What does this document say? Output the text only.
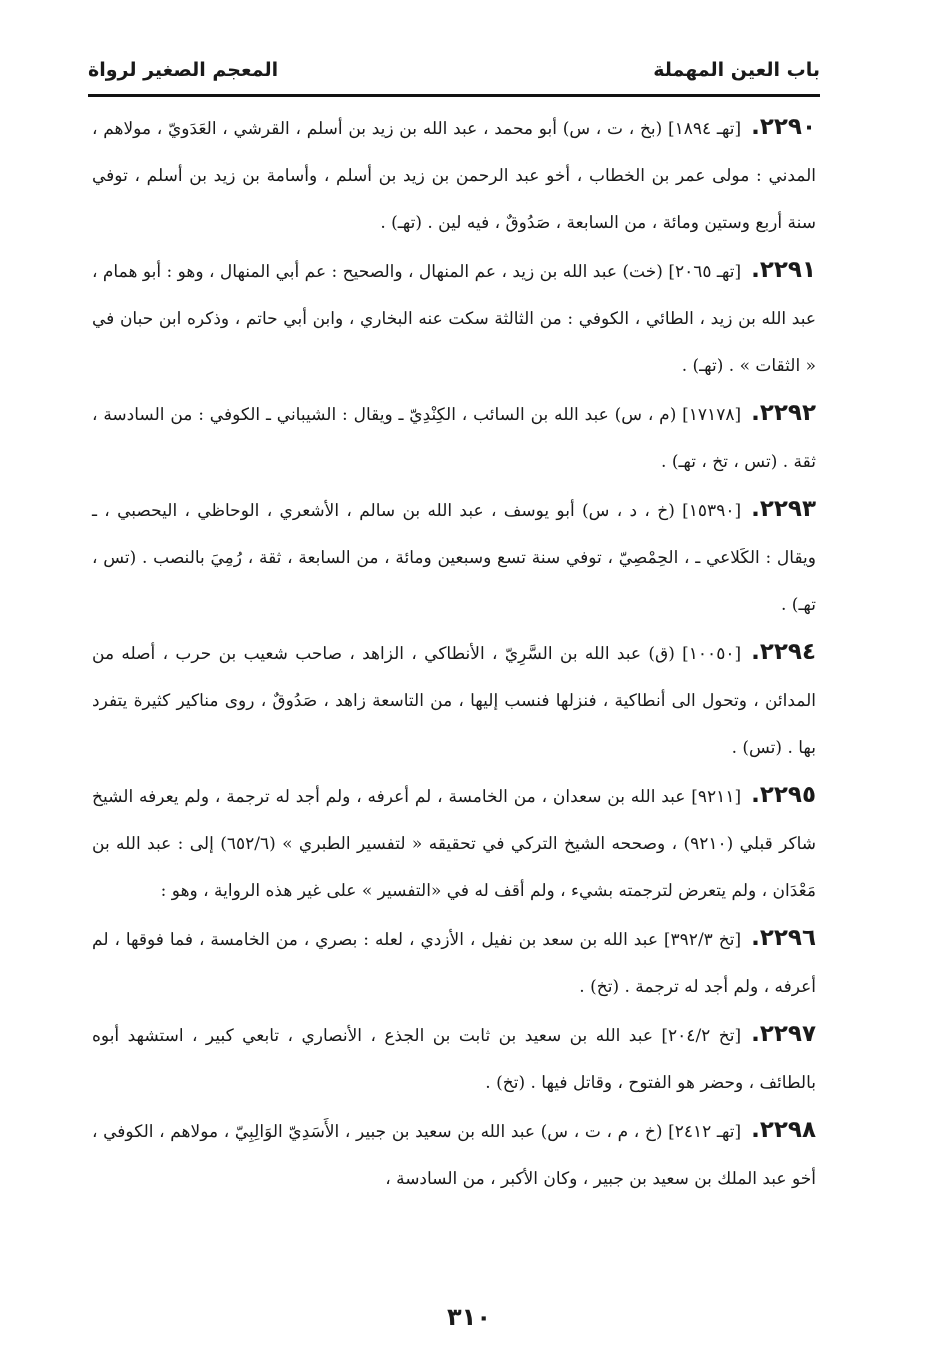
باب العين المهملة
المعجم الصغير لرواة

٢٢٩٠.[تهـ ١٨٩٤] (بخ ، ت ، س) أبو محمد ، عبد الله بن زيد بن أسلم ، القرشي ، العَدَويّ ، مولاهم ، المدني : مولى عمر بن الخطاب ، أخو عبد الرحمن بن زيد بن أسلم ، وأسامة بن زيد بن أسلم ، توفي سنة أربع وستين ومائة ، من السابعة ، صَدُوقٌ ، فيه لين . (تهـ) .

٢٢٩١.[تهـ ٢٠٦٥] (خت) عبد الله بن زيد ، عم المنهال ، والصحيح : عم أبي المنهال ، وهو : أبو همام ، عبد الله بن زيد ، الطائي ، الكوفي : من الثالثة سكت عنه البخاري ، وابن أبي حاتم ، وذكره ابن حبان في « الثقات » . (تهـ) .

٢٢٩٢.[١٧١٧٨] (م ، س) عبد الله بن السائب ، الكِنْدِيّ ـ ويقال : الشيباني ـ الكوفي : من السادسة ، ثقة . (تس ، تخ ، تهـ) .

٢٢٩٣.[١٥٣٩٠] (خ ، د ، س) أبو يوسف ، عبد الله بن سالم ، الأشعري ، الوحاظي ، اليحصبي ، ـ ويقال : الكَلاعي ـ ، الحِمْصِيّ ، توفي سنة تسع وسبعين ومائة ، من السابعة ، ثقة ، رُمِيَ بالنصب . (تس ، تهـ) .

٢٢٩٤.[١٠٠٥٠] (ق) عبد الله بن السَّرِيّ ، الأنطاكي ، الزاهد ، صاحب شعيب بن حرب ، أصله من المدائن ، وتحول الى أنطاكية ، فنزلها فنسب إليها ، من التاسعة زاهد ، صَدُوقٌ ، روى مناكير كثيرة يتفرد بها . (تس) .

٢٢٩٥.[٩٢١١] عبد الله بن سعدان ، من الخامسة ، لم أعرفه ، ولم أجد له ترجمة ، ولم يعرفه الشيخ شاكر قبلي (٩٢١٠) ، وصححه الشيخ التركي في تحقيقه « لتفسير الطبري » (٦٥٢/٦) إلى : عبد الله بن مَعْدَان ، ولم يتعرض لترجمته بشيء ، ولم أقف له في «التفسير » على غير هذه الرواية ، وهو :

٢٢٩٦.[تخ ٣٩٢/٣] عبد الله بن سعد بن نفيل ، الأزدي ، لعله : بصري ، من الخامسة ، فما فوقها ، لم أعرفه ، ولم أجد له ترجمة . (تخ) .

٢٢٩٧.[تخ ٢٠٤/٢] عبد الله بن سعيد بن ثابت بن الجذع ، الأنصاري ، تابعي كبير ، استشهد أبوه بالطائف ، وحضر هو الفتوح ، وقاتل فيها . (تخ) .

٢٢٩٨.[تهـ ٢٤١٢] (خ ، م ، ت ، س) عبد الله بن سعيد بن جبير ، الأَسَدِيّ الوَالِبِيّ ، مولاهم ، الكوفي ، أخو عبد الملك بن سعيد بن جبير ، وكان الأكبر ، من السادسة ،

٣١٠
